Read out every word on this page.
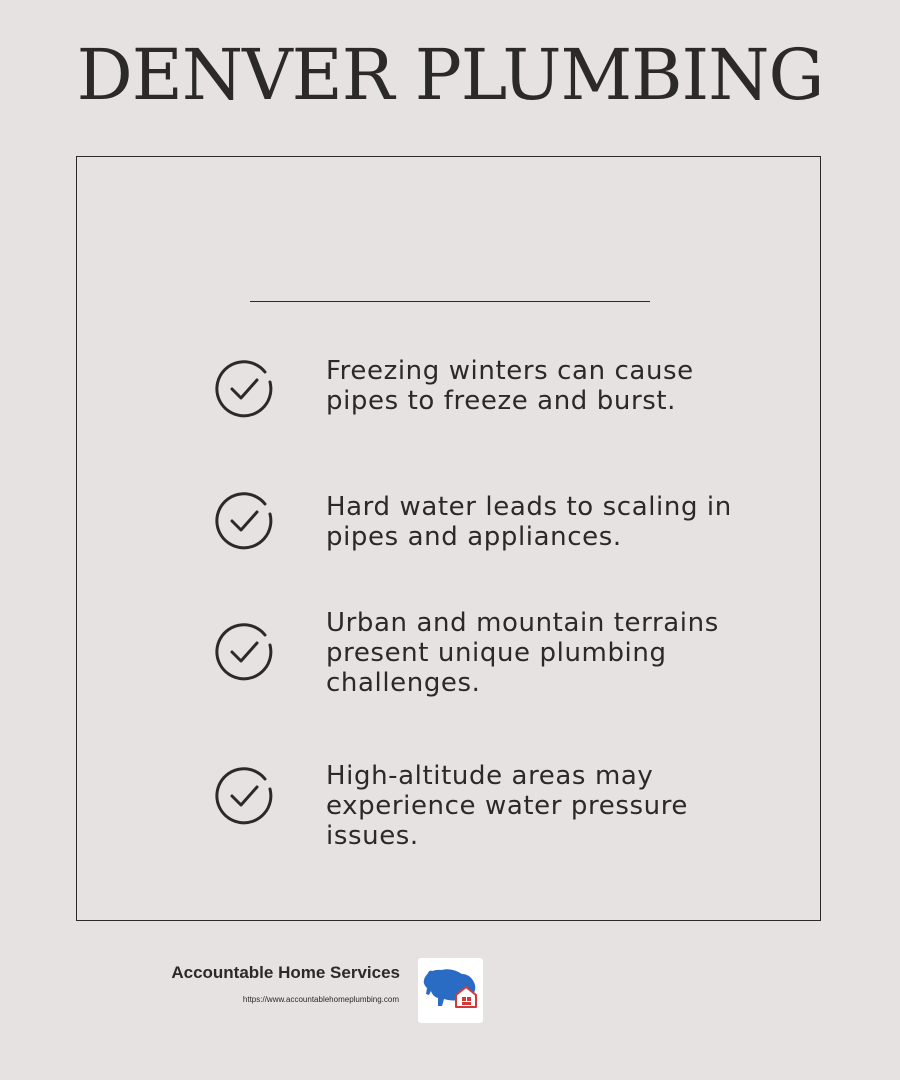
DENVER PLUMBING
Freezing winters can cause pipes to freeze and burst.
Hard water leads to scaling in pipes and appliances.
Urban and mountain terrains present unique plumbing challenges.
High-altitude areas may experience water pressure issues.
Accountable Home Services
https://www.accountablehomeplumbing.com
